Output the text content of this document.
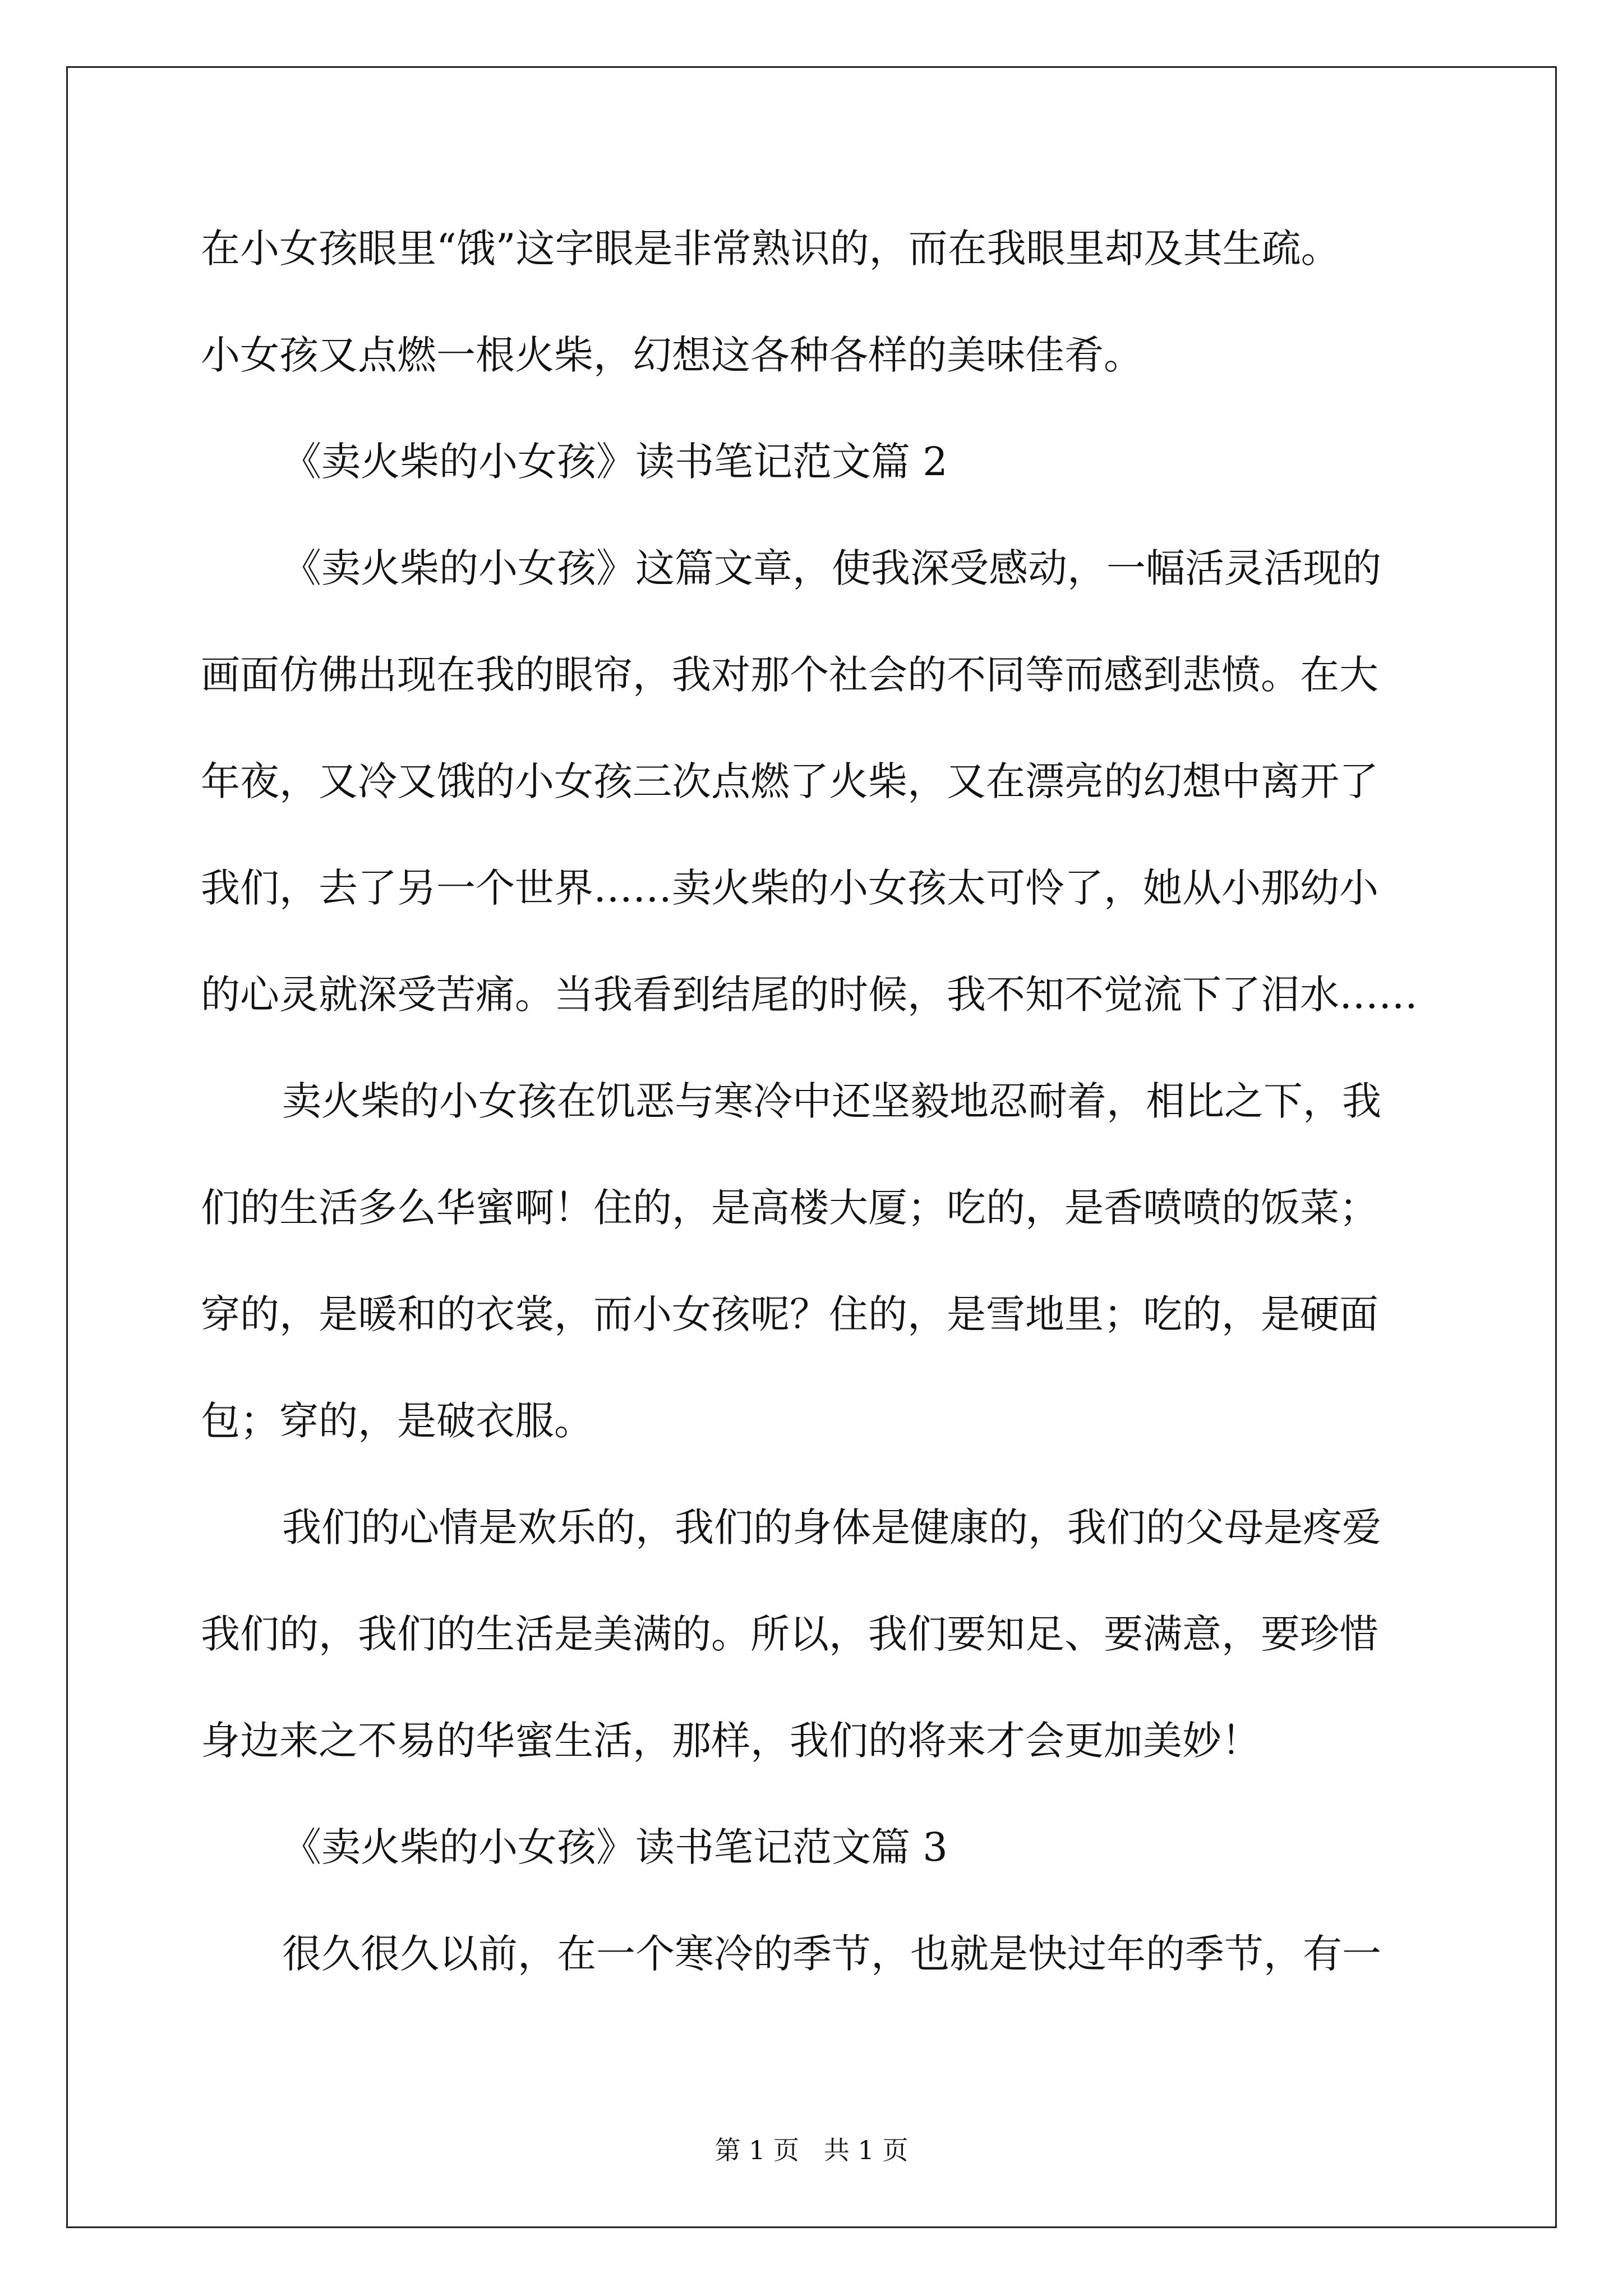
在小女孩眼里“饿”这字眼是非常熟识的，而在我眼里却及其生疏。
小女孩又点燃一根火柴，幻想这各种各样的美味佳肴。
《卖火柴的小女孩》读书笔记范文篇 2
《卖火柴的小女孩》这篇文章，使我深受感动，一幅活灵活现的
画面仿佛出现在我的眼帘，我对那个社会的不同等而感到悲愤。在大
年夜，又冷又饿的小女孩三次点燃了火柴，又在漂亮的幻想中离开了
我们，去了另一个世界……卖火柴的小女孩太可怜了，她从小那幼小
的心灵就深受苦痛。当我看到结尾的时候，我不知不觉流下了泪水……
卖火柴的小女孩在饥恶与寒冷中还坚毅地忍耐着，相比之下，我
们的生活多么华蜜啊！住的，是高楼大厦；吃的，是香喷喷的饭菜；
穿的，是暖和的衣裳，而小女孩呢？住的，是雪地里；吃的，是硬面
包；穿的，是破衣服。
我们的心情是欢乐的，我们的身体是健康的，我们的父母是疼爱
我们的，我们的生活是美满的。所以，我们要知足、要满意，要珍惜
身边来之不易的华蜜生活，那样，我们的将来才会更加美妙！
《卖火柴的小女孩》读书笔记范文篇 3
很久很久以前，在一个寒冷的季节，也就是快过年的季节，有一
第 1 页   共 1 页
